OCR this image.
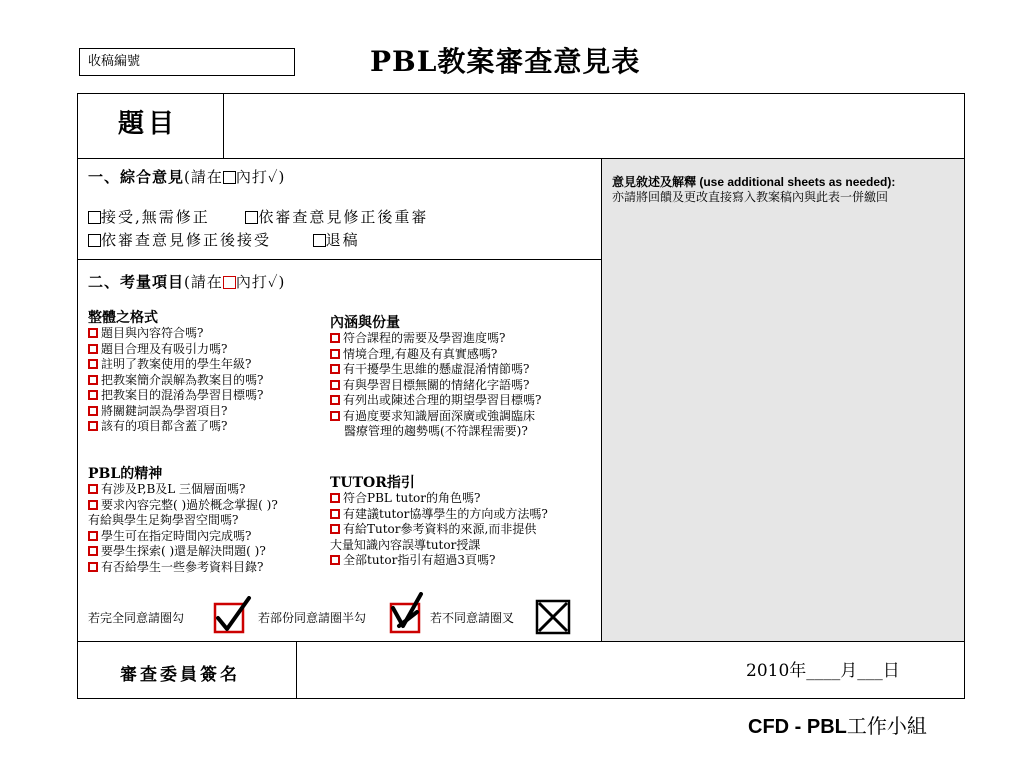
收稿編號	PBL教案審查意見表
題目
一、綜合意見(請在 內打✓)
接受,無需修正	依審查意見修正後重審
依審查意見修正後接受	退稿
二、考量項目(請在 內打✓)
整體之格式
題目與內容符合嗎?
題目合理及有吸引力嗎?
註明了教案使用的學生年級?
把教案簡介誤解為教案目的嗎?
把教案目的混淆為學習目標嗎?
將關鍵詞誤為學習項目?
該有的項目都含蓋了嗎?
內涵與份量
符合課程的需要及學習進度嗎?
情境合理,有趣及有真實感嗎?
有干擾學生思維的懸虛混淆情節嗎?
有與學習目標無關的情緒化字語嗎?
有列出或陳述合理的期望學習目標嗎?
有過度要求知識層面深廣或強調臨床
醫療管理的趨勢嗎(不符課程需要)?
PBL的精神
有涉及P,B及L 三個層面嗎?
要求內容完整( )過於概念掌握( )?
有給與學生足夠學習空間嗎?
學生可在指定時間內完成嗎?
要學生探索( )還是解決問題( )?
有否給學生一些參考資料目錄?
TUTOR指引
符合PBL tutor的角色嗎?
有建議tutor協導學生的方向或方法嗎?
有給Tutor參考資料的來源,而非提供
大量知識內容誤導tutor授課
全部tutor指引有超過3頁嗎?
若完全同意請圈勾	若部份同意請圈半勾	若不同意請圈叉
意見敘述及解釋 (use additional sheets as needed):
亦請將回饋及更改直接寫入教案稿內與此表一併繳回
審查委員簽名	2010年____月___日
CFD - PBL工作小組
